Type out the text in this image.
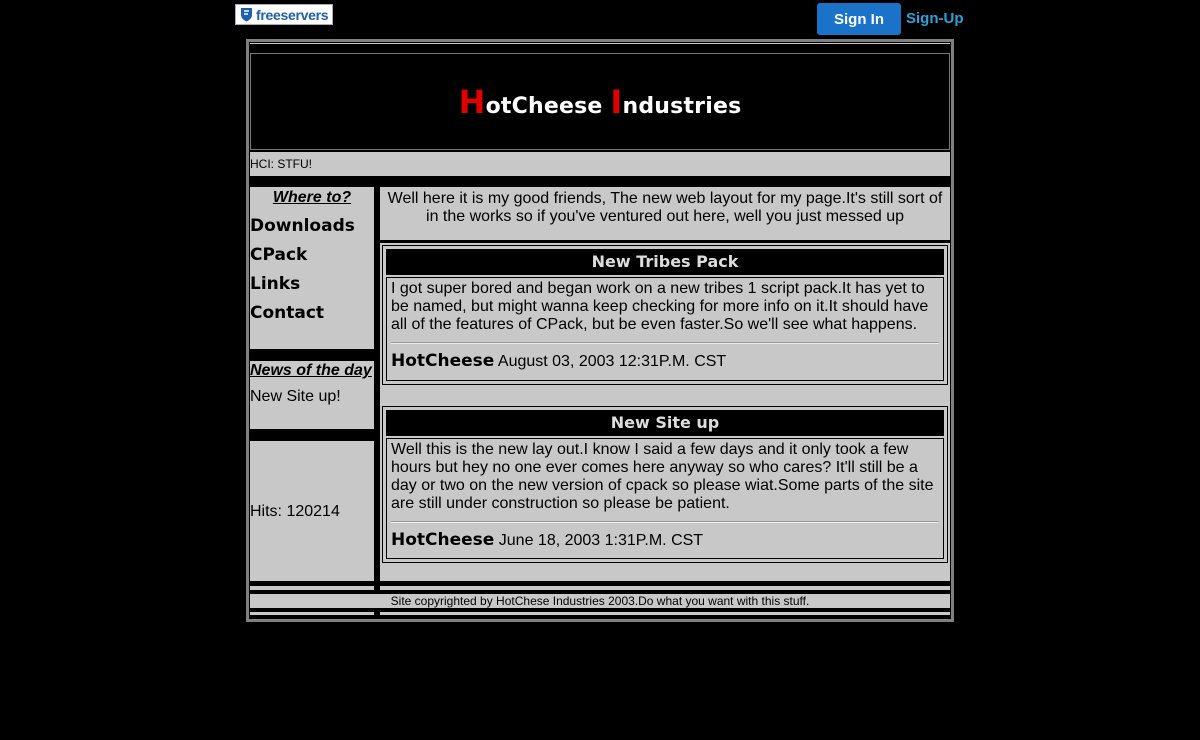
freeservers	Sign In	Sign-Up
HotCheese Industries
HCI: STFU!
Where to?
Downloads
CPack
Links
Contact
News of the day
New Site up!
Hits: 120214
Well here it is my good friends, The new web layout for my page.It's still sort of in the works so if you've ventured out here, well you just messed up
New Tribes Pack
I got super bored and began work on a new tribes 1 script pack.It has yet to be named, but might wanna keep checking for more info on it.It should have all of the features of CPack, but be even faster.So we'll see what happens.
HotCheese August 03, 2003 12:31P.M. CST
New Site up
Well this is the new lay out.I know I said a few days and it only took a few hours but hey no one ever comes here anyway so who cares? It'll still be a day or two on the new version of cpack so please wiat.Some parts of the site are still under construction so please be patient.
HotCheese June 18, 2003 1:31P.M. CST
Site copyrighted by HotChese Industries 2003.Do what you want with this stuff.
